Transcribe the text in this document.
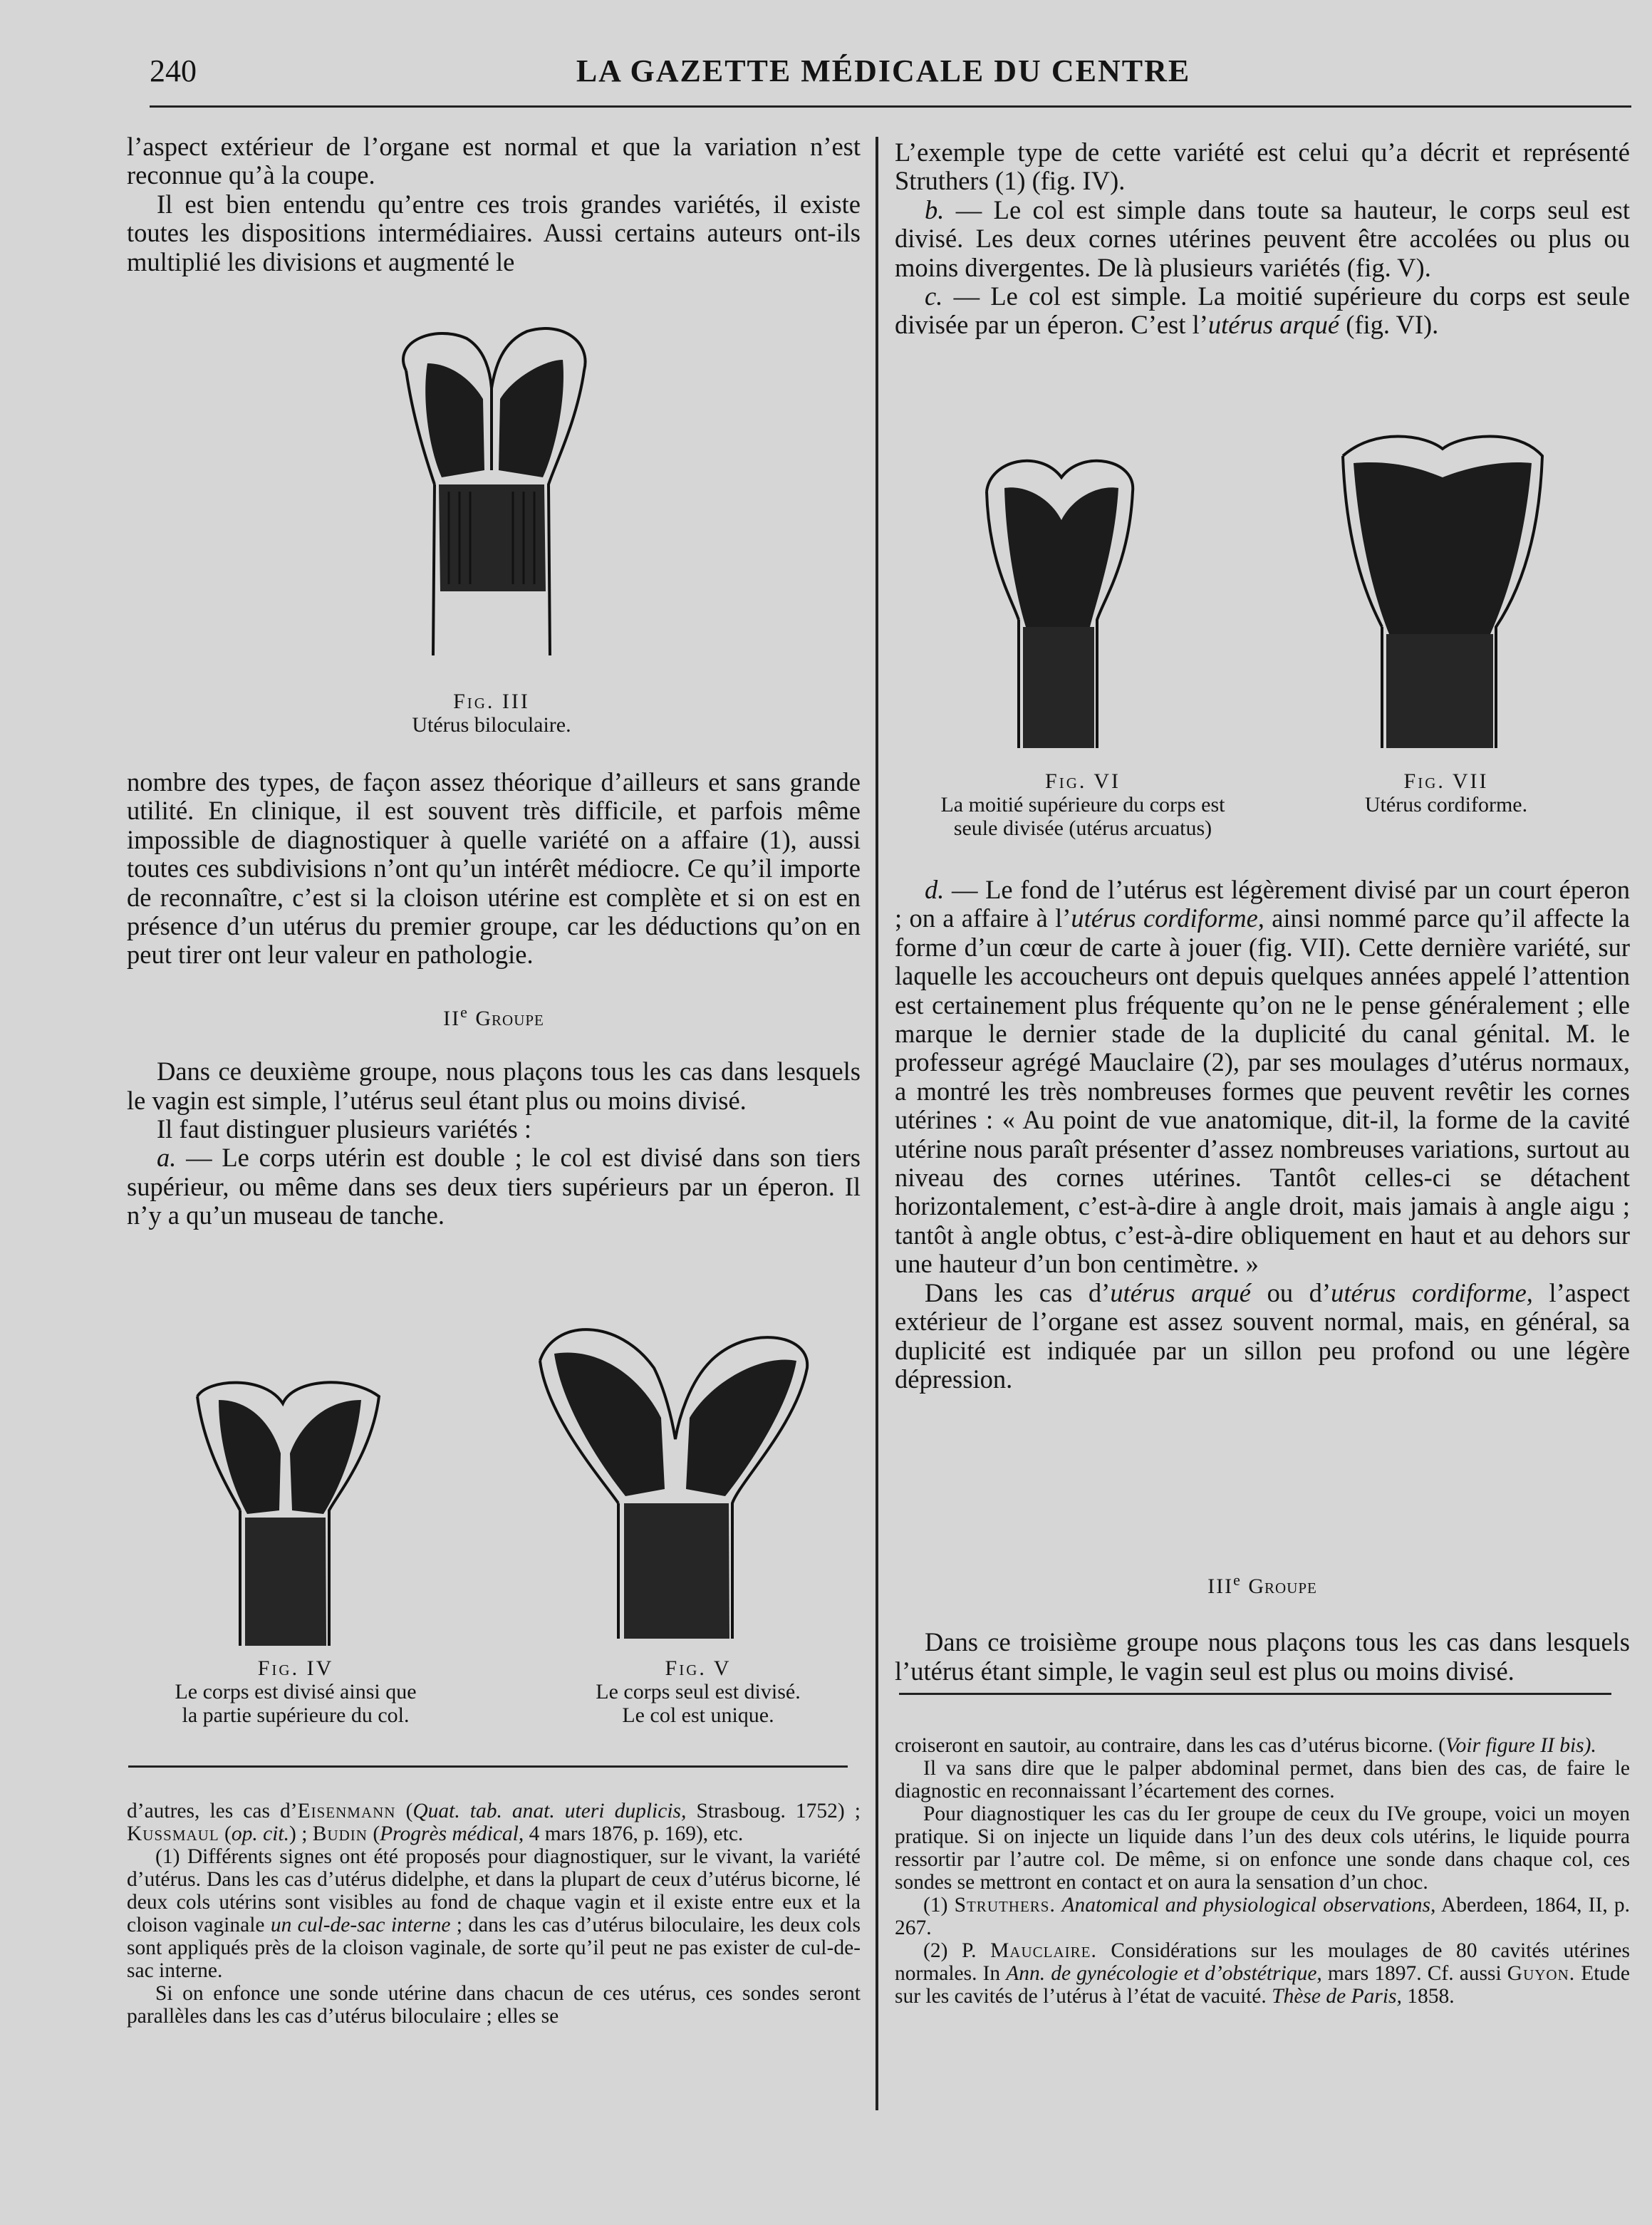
240	LA GAZETTE MÉDICALE DU CENTRE

l’aspect extérieur de l’organe est normal et que la variation n’est reconnue qu’à la coupe.

Il est bien entendu qu’entre ces trois grandes variétés, il existe toutes les dispositions intermédiaires. Aussi certains auteurs ont-ils multiplié les divisions et augmenté le

Fig. III
Utérus biloculaire.

nombre des types, de façon assez théorique d’ailleurs et sans grande utilité. En clinique, il est souvent très difficile, et parfois même impossible de diagnostiquer à quelle variété on a affaire (1), aussi toutes ces subdivisions n’ont qu’un intérêt médiocre. Ce qu’il importe de reconnaître, c’est si la cloison utérine est complète et si on est en présence d’un utérus du premier groupe, car les déductions qu’on en peut tirer ont leur valeur en pathologie.

IIe Groupe

Dans ce deuxième groupe, nous plaçons tous les cas dans lesquels le vagin est simple, l’utérus seul étant plus ou moins divisé.

Il faut distinguer plusieurs variétés :

a. — Le corps utérin est double ; le col est divisé dans son tiers supérieur, ou même dans ses deux tiers supérieurs par un éperon. Il n’y a qu’un museau de tanche.

Fig. IV
Le corps est divisé ainsi que
la partie supérieure du col.
Fig. V
Le corps seul est divisé.
Le col est unique.

d’autres, les cas d’Eisenmann (Quat. tab. anat. uteri duplicis, Strasboug. 1752) ; Kussmaul (op. cit.) ; Budin (Progrès médical, 4 mars 1876, p. 169), etc.

(1) Différents signes ont été proposés pour diagnostiquer, sur le vivant, la variété d’utérus. Dans les cas d’utérus didelphe, et dans la plupart de ceux d’utérus bicorne, lé deux cols utérins sont visibles au fond de chaque vagin et il existe entre eux et la cloison vaginale un cul-de-sac interne ; dans les cas d’utérus biloculaire, les deux cols sont appliqués près de la cloison vaginale, de sorte qu’il peut ne pas exister de cul-de-sac interne.

Si on enfonce une sonde utérine dans chacun de ces utérus, ces sondes seront parallèles dans les cas d’utérus biloculaire ; elles se

L’exemple type de cette variété est celui qu’a décrit et représenté Struthers (1) (fig. IV).

b. — Le col est simple dans toute sa hauteur, le corps seul est divisé. Les deux cornes utérines peuvent être accolées ou plus ou moins divergentes. De là plusieurs variétés (fig. V).

c. — Le col est simple. La moitié supérieure du corps est seule divisée par un éperon. C’est l’utérus arqué (fig. VI).

Fig. VI
La moitié supérieure du corps est
seule divisée (utérus arcuatus)
Fig. VII
Utérus cordiforme.

d. — Le fond de l’utérus est légèrement divisé par un court éperon ; on a affaire à l’utérus cordiforme, ainsi nommé parce qu’il affecte la forme d’un cœur de carte à jouer (fig. VII). Cette dernière variété, sur laquelle les accoucheurs ont depuis quelques années appelé l’attention est certainement plus fréquente qu’on ne le pense généralement ; elle marque le dernier stade de la duplicité du canal génital. M. le professeur agrégé Mauclaire (2), par ses moulages d’utérus normaux, a montré les très nombreuses formes que peuvent revêtir les cornes utérines : « Au point de vue anatomique, dit-il, la forme de la cavité utérine nous paraît présenter d’assez nombreuses variations, surtout au niveau des cornes utérines. Tantôt celles-ci se détachent horizontalement, c’est-à-dire à angle droit, mais jamais à angle aigu ; tantôt à angle obtus, c’est-à-dire obliquement en haut et au dehors sur une hauteur d’un bon centimètre. »

Dans les cas d’utérus arqué ou d’utérus cordiforme, l’aspect extérieur de l’organe est assez souvent normal, mais, en général, sa duplicité est indiquée par un sillon peu profond ou une légère dépression.

IIIe Groupe

Dans ce troisième groupe nous plaçons tous les cas dans lesquels l’utérus étant simple, le vagin seul est plus ou moins divisé.

croiseront en sautoir, au contraire, dans les cas d’utérus bicorne. (Voir figure II bis).

Il va sans dire que le palper abdominal permet, dans bien des cas, de faire le diagnostic en reconnaissant l’écartement des cornes.

Pour diagnostiquer les cas du Ier groupe de ceux du IVe groupe, voici un moyen pratique. Si on injecte un liquide dans l’un des deux cols utérins, le liquide pourra ressortir par l’autre col. De même, si on enfonce une sonde dans chaque col, ces sondes se mettront en contact et on aura la sensation d’un choc.

(1) Struthers. Anatomical and physiological observations, Aberdeen, 1864, II, p. 267.

(2) P. Mauclaire. Considérations sur les moulages de 80 cavités utérines normales. In Ann. de gynécologie et d’obstétrique, mars 1897. Cf. aussi Guyon. Etude sur les cavités de l’utérus à l’état de vacuité. Thèse de Paris, 1858.
